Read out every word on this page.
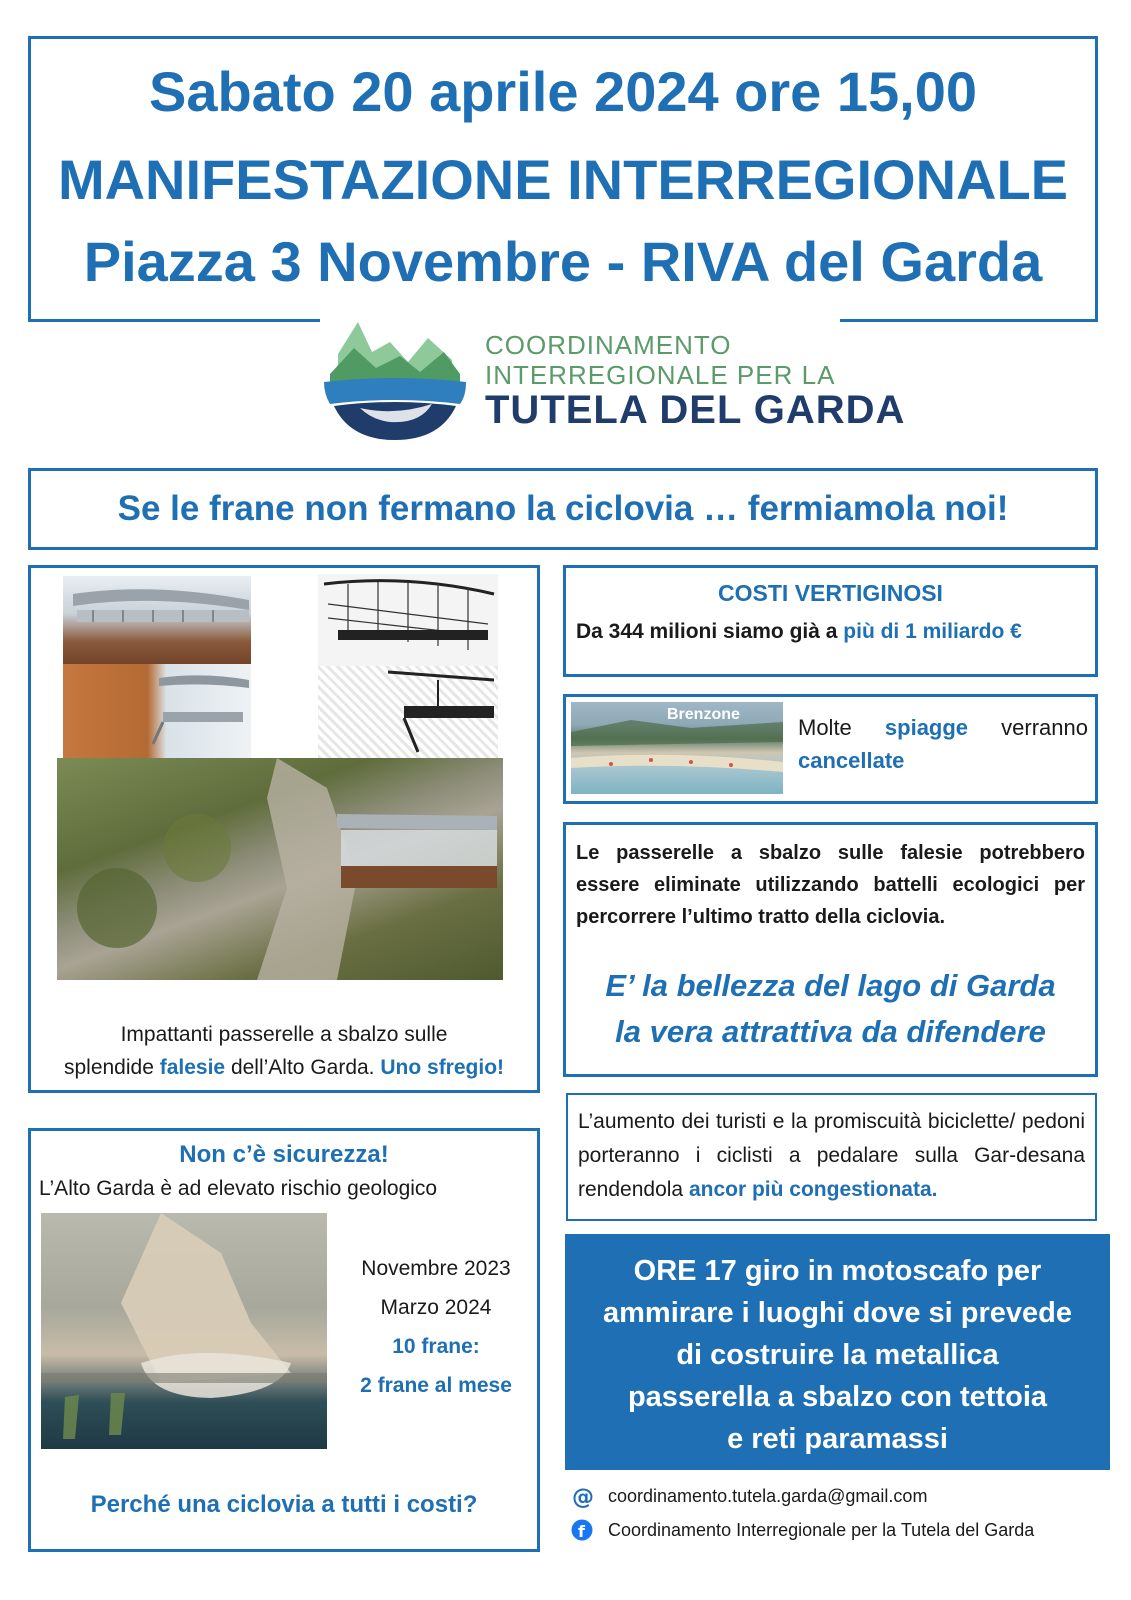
Sabato 20 aprile 2024 ore 15,00
MANIFESTAZIONE INTERREGIONALE
Piazza 3 Novembre - RIVA del Garda
COORDINAMENTO
INTERREGIONALE PER LA
TUTELA DEL GARDA
Se le frane non fermano la ciclovia … fermiamola noi!
Impattanti passerelle a sbalzo sulle
splendide falesie dell’Alto Garda. Uno sfregio!
COSTI VERTIGINOSI
Da 344 milioni siamo già a più di 1 miliardo €
Brenzone
Molte spiagge verranno cancellate
Le passerelle a sbalzo sulle falesie potrebbero essere eliminate utilizzando battelli ecologici per percorrere l’ultimo tratto della ciclovia.
E’ la bellezza del lago di Garda
la vera attrattiva da difendere
L’aumento dei turisti e la promiscuità biciclette/ pedoni porteranno i ciclisti a pedalare sulla Gar-desana rendendola ancor più congestionata.
ORE 17 giro in motoscafo per
ammirare i luoghi dove si prevede
di costruire la metallica
passerella a sbalzo con tettoia
e reti paramassi
Non c’è sicurezza!
L’Alto Garda è ad elevato rischio geologico
Novembre 2023
Marzo 2024
10 frane:
2 frane al mese
Perché una ciclovia a tutti i costi?	@ coordinamento.tutela.garda@gmail.com
f Coordinamento Interregionale per la Tutela del Garda
